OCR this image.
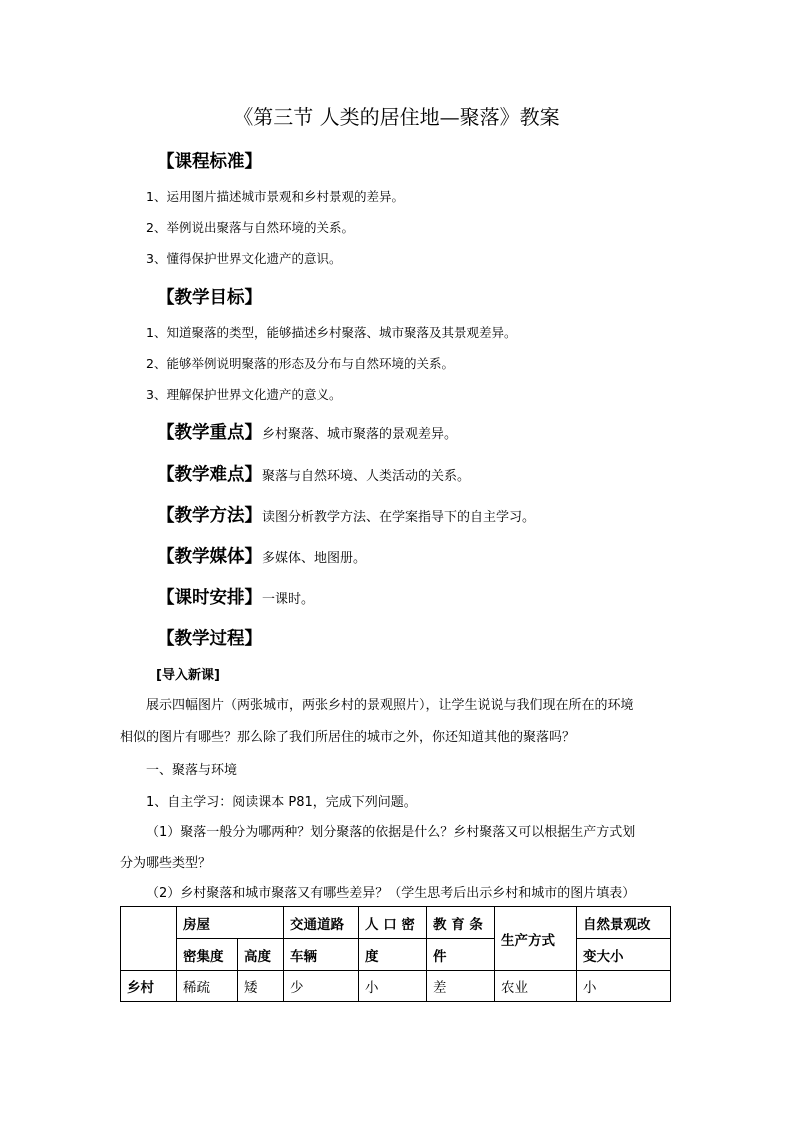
《第三节 人类的居住地—聚落》教案
【课程标准】
1、运用图片描述城市景观和乡村景观的差异。
2、举例说出聚落与自然环境的关系。
3、懂得保护世界文化遗产的意识。
【教学目标】
1、知道聚落的类型，能够描述乡村聚落、城市聚落及其景观差异。
2、能够举例说明聚落的形态及分布与自然环境的关系。
3、理解保护世界文化遗产的意义。
【教学重点】乡村聚落、城市聚落的景观差异。
【教学难点】聚落与自然环境、人类活动的关系。
【教学方法】读图分析教学方法、在学案指导下的自主学习。
【教学媒体】多媒体、地图册。
【课时安排】一课时。
【教学过程】
[导入新课]
展示四幅图片（两张城市，两张乡村的景观照片），让学生说说与我们现在所在的环境
相似的图片有哪些？那么除了我们所居住的城市之外，你还知道其他的聚落吗？
一、聚落与环境
1、自主学习：阅读课本 P81，完成下列问题。
（1）聚落一般分为哪两种？划分聚落的依据是什么？乡村聚落又可以根据生产方式划
分为哪些类型？
（2）乡村聚落和城市聚落又有哪些差异？（学生思考后出示乡村和城市的图片填表）
	房屋		交通道路	人 口 密	教 育 条	生产方式	自然景观改
	密集度	高度	车辆	度	件		变大小
乡村	稀疏	矮	少	小	差	农业	小
